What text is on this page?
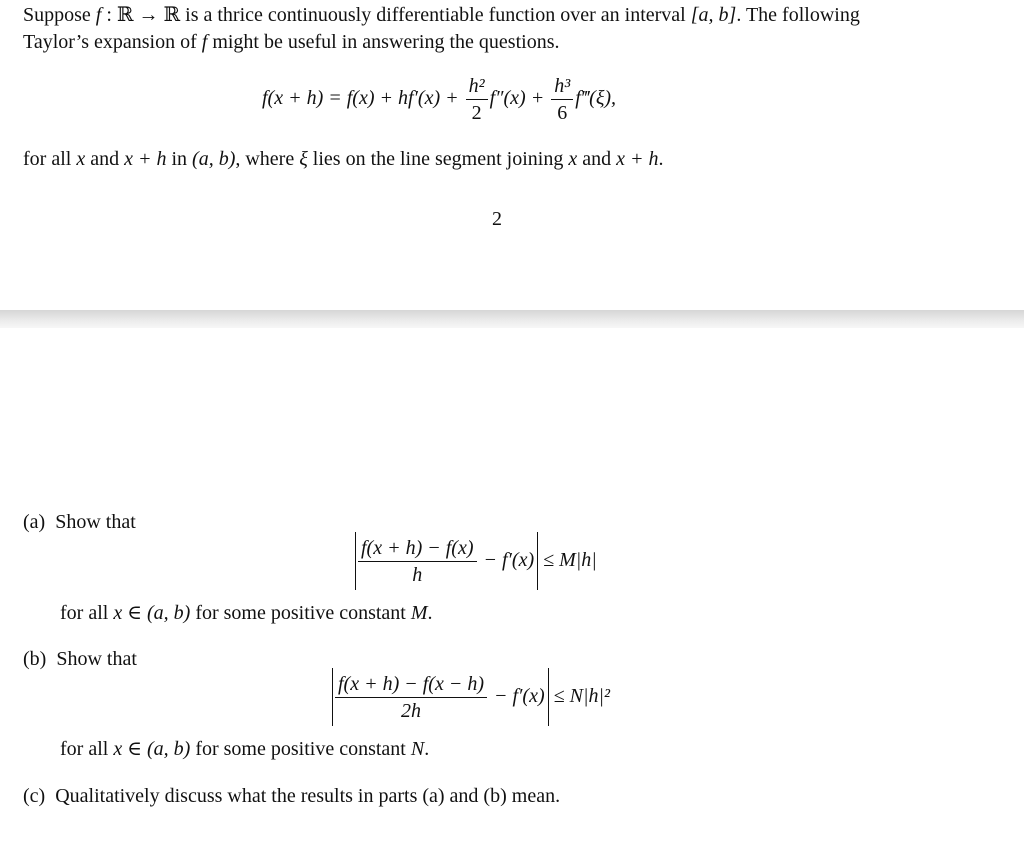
Suppose f : ℝ → ℝ is a thrice continuously differentiable function over an interval [a, b]. The following
Taylor’s expansion of f might be useful in answering the questions.
$f(x + h) = f(x) + hf'(x) + \frac{\text{h²}}{2} f''(x) + \frac{\text{h³}}{6}$ f‴(ξ),
for all x and x + h in (a, b), where ξ lies on the line segment joining x and x + h.
2
(a) Show that
$\frac{f(x + h) - f(x)}{h} - f'(x) \le M|h|$
for all x ∈ (a, b) for some positive constant M.
(b) Show that
$\frac{f(x + h) - f(x - h)}{2h} - f'(x) \le N|h|^2$
for all x ∈ (a, b) for some positive constant N.
(c) Qualitatively discuss what the results in parts (a) and (b) mean.
